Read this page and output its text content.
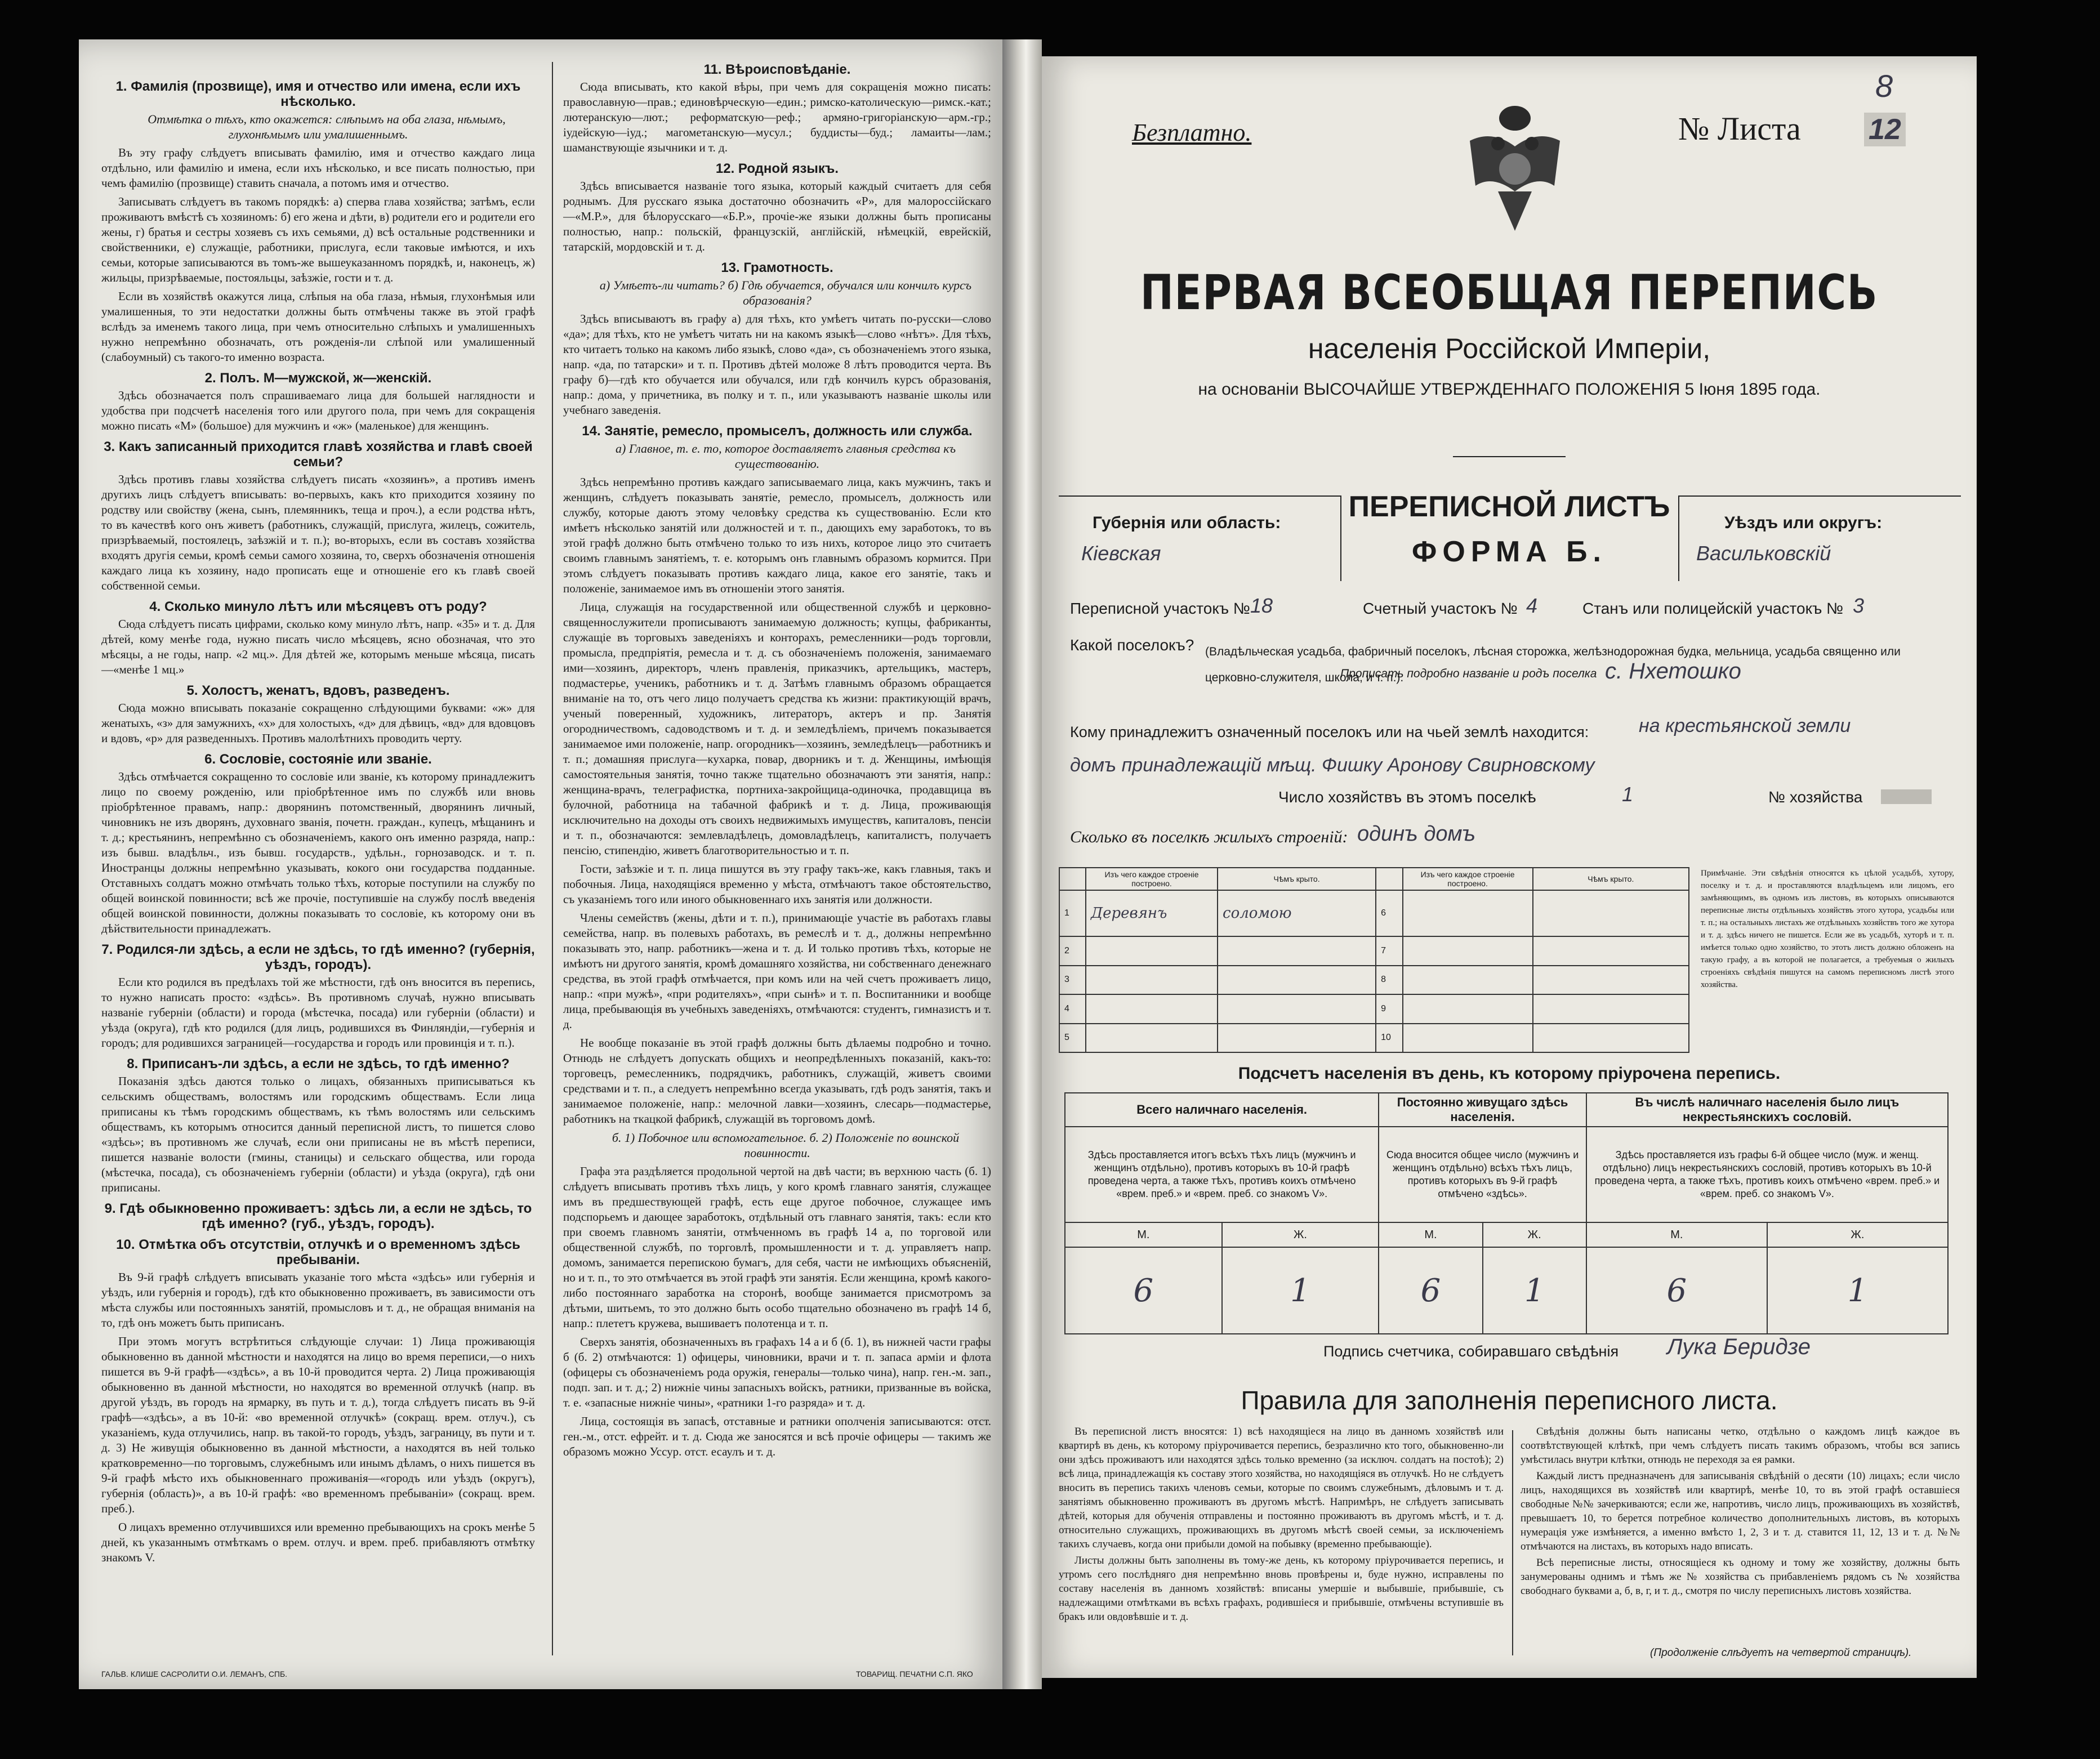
1. Фамилія (прозвище), имя и отчество или имена, если ихъ нѣсколько.

Отмѣтка о тѣхъ, кто окажется: слѣпымъ на оба глаза, нѣмымъ, глухонѣмымъ или умалишеннымъ.

Въ эту графу слѣдуетъ вписывать фамилію, имя и отчество каждаго лица отдѣльно, или фамилію и имена, если ихъ нѣсколько, и все писать полностью, при чемъ фамилію (прозвище) ставить сначала, а потомъ имя и отчество.

Записывать слѣдуетъ въ такомъ порядкѣ: а) сперва глава хозяйства; затѣмъ, если проживаютъ вмѣстѣ съ хозяиномъ: б) его жена и дѣти, в) родители его и родители его жены, г) братья и сестры хозяевъ съ ихъ семьями, д) всѣ остальные родственники и свойственники, е) служащіе, работники, прислуга, если таковые имѣются, и ихъ семьи, которые записываются въ томъ-же вышеуказанномъ порядкѣ, и, наконецъ, ж) жильцы, призрѣваемые, постояльцы, заѣзжіе, гости и т. д.

Если въ хозяйствѣ окажутся лица, слѣпыя на оба глаза, нѣмыя, глухонѣмыя или умалишенныя, то эти недостатки должны быть отмѣчены также въ этой графѣ вслѣдъ за именемъ такого лица, при чемъ относительно слѣпыхъ и умалишенныхъ нужно непремѣнно обозначать, отъ рожденія-ли слѣпой или умалишенный (слабоумный) съ такого-то именно возраста.

2. Полъ. М—мужской, ж—женскій.

Здѣсь обозначается полъ спрашиваемаго лица для большей наглядности и удобства при подсчетѣ населенія того или другого пола, при чемъ для сокращенія можно писать «М» (большое) для мужчинъ и «ж» (маленькое) для женщинъ.

3. Какъ записанный приходится главѣ хозяйства и главѣ своей семьи?

Здѣсь противъ главы хозяйства слѣдуетъ писать «хозяинъ», а противъ именъ другихъ лицъ слѣдуетъ вписывать: во-первыхъ, какъ кто приходится хозяину по родству или свойству (жена, сынъ, племянникъ, теща и проч.), а если родства нѣтъ, то въ качествѣ кого онъ живетъ (работникъ, служащій, прислуга, жилецъ, сожитель, призрѣваемый, постоялецъ, заѣзжій и т. п.); во-вторыхъ, если въ составъ хозяйства входятъ другія семьи, кромѣ семьи самого хозяина, то, сверхъ обозначенія отношенія каждаго лица къ хозяину, надо прописать еще и отношеніе его къ главѣ своей собственной семьи.

4. Сколько минуло лѣтъ или мѣсяцевъ отъ роду?

Сюда слѣдуетъ писать цифрами, сколько кому минуло лѣтъ, напр. «35» и т. д. Для дѣтей, кому менѣе года, нужно писать число мѣсяцевъ, ясно обозначая, что это мѣсяцы, а не годы, напр. «2 мц.». Для дѣтей же, которымъ меньше мѣсяца, писать—«менѣе 1 мц.»

5. Холостъ, женатъ, вдовъ, разведенъ.

Сюда можно вписывать показаніе сокращенно слѣдующими буквами: «ж» для женатыхъ, «з» для замужнихъ, «х» для холостыхъ, «д» для дѣвицъ, «вд» для вдовцовъ и вдовъ, «р» для разведенныхъ. Противъ малолѣтнихъ проводить черту.

6. Сословіе, состояніе или званіе.

Здѣсь отмѣчается сокращенно то сословіе или званіе, къ которому принадлежитъ лицо по своему рожденію, или пріобрѣтенное имъ по службѣ или вновь пріобрѣтенное правамъ, напр.: дворянинъ потомственный, дворянинъ личный, чиновникъ не изъ дворянъ, духовнаго званія, почетн. граждан., купецъ, мѣщанинъ и т. д.; крестьянинъ, непремѣнно съ обозначеніемъ, какого онъ именно разряда, напр.: изъ бывш. владѣльч., изъ бывш. государств., удѣльн., горнозаводск. и т. п. Иностранцы должны непремѣнно указывать, кокого они государства подданные. Отставныхъ солдатъ можно отмѣчать только тѣхъ, которые поступили на службу по общей воинской повинности; всѣ же прочіе, поступившіе на службу послѣ введенія общей воинской повинности, должны показывать то сословіе, къ которому они въ дѣйствительности принадлежатъ.

7. Родился-ли здѣсь, а если не здѣсь, то гдѣ именно? (губернія, уѣздъ, городъ).

Если кто родился въ предѣлахъ той же мѣстности, гдѣ онъ вносится въ перепись, то нужно написать просто: «здѣсь». Въ противномъ случаѣ, нужно вписывать названіе губерніи (области) и города (мѣстечка, посада) или губерніи (области) и уѣзда (округа), гдѣ кто родился (для лицъ, родившихся въ Финляндіи,—губернія и городъ; для родившихся заграницей—государства и городъ или провинція и т. п.).

8. Приписанъ-ли здѣсь, а если не здѣсь, то гдѣ именно?

Показанія здѣсь даются только о лицахъ, обязанныхъ приписываться къ сельскимъ обществамъ, волостямъ или городскимъ обществамъ. Если лица приписаны къ тѣмъ городскимъ обществамъ, къ тѣмъ волостямъ или сельскимъ обществамъ, къ которымъ относится данный переписной листъ, то пишется слово «здѣсь»; въ противномъ же случаѣ, если они приписаны не въ мѣстѣ переписи, пишется названіе волости (гмины, станицы) и сельскаго общества, или города (мѣстечка, посада), съ обозначеніемъ губерніи (области) и уѣзда (округа), гдѣ они приписаны.

9. Гдѣ обыкновенно проживаетъ: здѣсь ли, а если не здѣсь, то гдѣ именно? (губ., уѣздъ, городъ).
10. Отмѣтка объ отсутствіи, отлучкѣ и о временномъ здѣсь пребываніи.

Въ 9-й графѣ слѣдуетъ вписывать указаніе того мѣста «здѣсь» или губернія и уѣздъ, или губернія и городъ), гдѣ кто обыкновенно проживаетъ, въ зависимости отъ мѣста службы или постоянныхъ занятій, промысловъ и т. д., не обращая вниманія на то, гдѣ онъ можетъ быть приписанъ.

При этомъ могутъ встрѣтиться слѣдующіе случаи: 1) Лица проживающія обыкновенно въ данной мѣстности и находятся на лицо во время переписи,—о нихъ пишется въ 9-й графѣ—«здѣсь», а въ 10-й проводится черта. 2) Лица проживающія обыкновенно въ данной мѣстности, но находятся во временной отлучкѣ (напр. въ другой уѣздъ, въ городъ на ярмарку, въ путь и т. д.), тогда слѣдуетъ писать въ 9-й графѣ—«здѣсь», а въ 10-й: «во временной отлучкѣ» (сокращ. врем. отлуч.), съ указаніемъ, куда отлучились, напр. въ такой-то городъ, уѣздъ, заграницу, въ пути и т. д. 3) Не живущія обыкновенно въ данной мѣстности, а находятся въ ней только кратковременно—по торговымъ, служебнымъ или инымъ дѣламъ, о нихъ пишется въ 9-й графѣ мѣсто ихъ обыкновеннаго проживанія—«городъ или уѣздъ (округъ), губернія (область)», а въ 10-й графѣ: «во временномъ пребываніи» (сокращ. врем. преб.).

О лицахъ временно отлучившихся или временно пребывающихъ на срокъ менѣе 5 дней, къ указаннымъ отмѣткамъ о врем. отлуч. и врем. преб. прибавляютъ отмѣтку знакомъ V.

11. Вѣроисповѣданіе.

Сюда вписывать, кто какой вѣры, при чемъ для сокращенія можно писать: православную—прав.; единовѣрческую—един.; римско-католическую—римск.-кат.; лютеранскую—лют.; реформатскую—реф.; армяно-григоріанскую—арм.-гр.; іудейскую—іуд.; магометанскую—мусул.; буддисты—буд.; ламаиты—лам.; шаманствующіе язычники и т. д.

12. Родной языкъ.

Здѣсь вписывается названіе того языка, который каждый считаетъ для себя роднымъ. Для русскаго языка достаточно обозначить «Р», для малороссійскаго—«М.Р.», для бѣлорусскаго—«Б.Р.», прочіе-же языки должны быть прописаны полностью, напр.: польскій, французскій, англійскій, нѣмецкій, еврейскій, татарскій, мордовскій и т. д.

13. Грамотность.

а) Умѣетъ-ли читать? б) Гдѣ обучается, обучался или кончилъ курсъ образованія?

Здѣсь вписываютъ въ графу а) для тѣхъ, кто умѣетъ читать по-русски—слово «да»; для тѣхъ, кто не умѣетъ читать ни на какомъ языкѣ—слово «нѣтъ». Для тѣхъ, кто читаетъ только на какомъ либо языкѣ, слово «да», съ обозначеніемъ этого языка, напр. «да, по татарски» и т. п. Противъ дѣтей моложе 8 лѣтъ проводится черта. Въ графу б)—гдѣ кто обучается или обучался, или гдѣ кончилъ курсъ образованія, напр.: дома, у причетника, въ полку и т. п., или указываютъ названіе школы или учебнаго заведенія.

14. Занятіе, ремесло, промыселъ, должность или служба.

а) Главное, т. е. то, которое доставляетъ главныя средства къ существованію.

Здѣсь непремѣнно противъ каждаго записываемаго лица, какъ мужчинъ, такъ и женщинъ, слѣдуетъ показывать занятіе, ремесло, промыселъ, должность или службу, которые даютъ этому человѣку средства къ существованію. Если кто имѣетъ нѣсколько занятій или должностей и т. п., дающихъ ему заработокъ, то въ этой графѣ должно быть отмѣчено только то изъ нихъ, которое лицо это считаетъ своимъ главнымъ занятіемъ, т. е. которымъ онъ главнымъ образомъ кормится. При этомъ слѣдуетъ показывать противъ каждаго лица, какое его занятіе, такъ и положеніе, занимаемое имъ въ отношеніи этого занятія.

Лица, служащія на государственной или общественной службѣ и церковно-священнослужители прописываютъ занимаемую должность; купцы, фабриканты, служащіе въ торговыхъ заведеніяхъ и конторахъ, ремесленники—родъ торговли, промысла, предпріятія, ремесла и т. д. съ обозначеніемъ положенія, занимаемаго ими—хозяинъ, директоръ, членъ правленія, приказчикъ, артельщикъ, мастеръ, подмастерье, ученикъ, работникъ и т. д. Затѣмъ главнымъ образомъ обращается вниманіе на то, отъ чего лицо получаетъ средства къ жизни: практикующій врачъ, ученый поверенный, художникъ, литераторъ, актеръ и пр. Занятія огородничествомъ, садоводствомъ и т. д. и земледѣліемъ, причемъ показывается занимаемое ими положеніе, напр. огородникъ—хозяинъ, земледѣлецъ—работникъ и т. п.; домашняя прислуга—кухарка, повар, дворникъ и т. д. Женщины, имѣющія самостоятельныя занятія, точно также тщательно обозначаютъ эти занятія, напр.: женщина-врачъ, телеграфистка, портниха-закройщица-одиночка, продавщица въ булочной, работница на табачной фабрикѣ и т. д. Лица, проживающія исключительно на доходы отъ своихъ недвижимыхъ имуществъ, капиталовъ, пенсіи и т. п., обозначаются: землевладѣлецъ, домовладѣлецъ, капиталистъ, получаетъ пенсію, стипендію, живетъ благотворительностью и т. п.

Гости, заѣзжіе и т. п. лица пишутся въ эту графу такъ-же, какъ главныя, такъ и побочныя. Лица, находящіяся временно у мѣста, отмѣчаютъ такое обстоятельство, съ указаніемъ того или иного обыкновеннаго ихъ занятія или должности.

Члены семействъ (жены, дѣти и т. п.), принимающіе участіе въ работахъ главы семейства, напр. въ полевыхъ работахъ, въ ремеслѣ и т. д., должны непремѣнно показывать это, напр. работникъ—жена и т. д. И только противъ тѣхъ, которые не имѣютъ ни другого занятія, кромѣ домашняго хозяйства, ни собственнаго денежнаго средства, въ этой графѣ отмѣчается, при комъ или на чей счетъ проживаетъ лицо, напр.: «при мужѣ», «при родителяхъ», «при сынѣ» и т. п. Воспитанники и вообще лица, пребывающія въ учебныхъ заведеніяхъ, отмѣчаются: студентъ, гимназистъ и т. д.

Не вообще показаніе въ этой графѣ должны быть дѣлаемы подробно и точно. Отнюдь не слѣдуетъ допускать общихъ и неопредѣленныхъ показаній, какъ-то: торговецъ, ремесленникъ, подрядчикъ, работникъ, служащій, живетъ своими средствами и т. п., а следуетъ непремѣнно всегда указывать, гдѣ родъ занятія, такъ и занимаемое положеніе, напр.: мелочной лавки—хозяинъ, слесарь—подмастерье, работникъ на ткацкой фабрикѣ, служащій въ торговомъ домѣ.

б. 1) Побочное или вспомогательное. б. 2) Положеніе по воинской повинности.

Графа эта раздѣляется продольной чертой на двѣ части; въ верхнюю часть (б. 1) слѣдуетъ вписывать противъ тѣхъ лицъ, у кого кромѣ главнаго занятія, служащее имъ въ предшествующей графѣ, есть еще другое побочное, служащее имъ подспорьемъ и дающее заработокъ, отдѣльный отъ главнаго занятія, такъ: если кто при своемъ главномъ занятіи, отмѣченномъ въ графѣ 14 а, по торговой или общественной службѣ, по торговлѣ, промышленности и т. д. управляетъ напр. домомъ, занимается перепискою бумагъ, для себя, части не имѣющихъ объясненій, но и т. п., то это отмѣчается въ этой графѣ эти занятія. Если женщина, кромѣ какого-либо постояннаго заработка на сторонѣ, вообще занимается присмотромъ за дѣтьми, шитьемъ, то это должно быть особо тщательно обозначено въ графѣ 14 б, напр.: плететъ кружева, вышиваетъ полотенца и т. п.

Сверхъ занятія, обозначенныхъ въ графахъ 14 а и б (б. 1), въ нижней части графы б (б. 2) отмѣчаются: 1) офицеры, чиновники, врачи и т. п. запаса арміи и флота (офицеры съ обозначеніемъ рода оружія, генералы—только чина), напр. ген.-м. зап., подп. зап. и т. д.; 2) нижніе чины запасныхъ войскъ, ратники, призванные въ войска, т. е. «запасные нижніе чины», «ратники 1-го разряда» и т. д.

Лица, состоящія въ запасѣ, отставные и ратники ополченія записываются: отст. ген.-м., отст. ефрейт. и т. д. Сюда же заносятся и всѣ прочіе офицеры — такимъ же образомъ можно Уссур. отст. есаулъ и т. д.

ГАЛЬВ. КЛИШЕ САСРОЛИТИ О.И. ЛЕМАНЪ, СПБ.	ТОВАРИЩ. ПЕЧАТНИ С.П. ЯКО
Безплатно.	№ Листа 12
8
ПЕРВАЯ ВСЕОБЩАЯ ПЕРЕПИСЬ
населенія Россійской Имперіи,
на основаніи ВЫСОЧАЙШЕ УТВЕРЖДЕННАГО ПОЛОЖЕНІЯ 5 Іюня 1895 года.
Губернія или область:
Кіевская
ПЕРЕПИСНОЙ ЛИСТЪ
ФОРМА Б.
Уѣздъ или округъ:
Васильковскій
Переписной участокъ № 18	Счетный участокъ № 4	Станъ или полицейскій участокъ № 3
Какой поселокъ? (Владѣльческая усадьба, фабричный поселокъ, лѣсная сторожка, желѣзнодорожная будка, мельница, усадьба священно или церковно-служителя, школа, и т. п.).
Прописать подробно названіе и родъ поселка с. Нхетошко
Кому принадлежитъ означенный поселокъ или на чьей землѣ находится:	на крестьянской земли
домъ принадлежащій мѣщ. Фишку Аронову Свирновскому
Число хозяйствъ въ этомъ поселкѣ	1	№ хозяйства
Сколько въ поселкѣ жилыхъ строеній: одинъ домъ
	Изъ чего каждое строеніе построено.	Чѣмъ крыто.		Изъ чего каждое строеніе построено.	Чѣмъ крыто.
1	Деревянъ	соломою	6		
2			7		
3			8		
4			9		
5			10		
Примѣчаніе. Эти свѣдѣнія относятся къ цѣлой усадьбѣ, хутору, поселку и т. д. и проставляются владѣльцемъ или лицомъ, его замѣняющимъ, въ одномъ изъ листовъ, въ которыхъ описываются переписные листы отдѣльныхъ хозяйствъ этого хутора, усадьбы или т. п.; на остальныхъ листахъ же отдѣльныхъ хозяйствъ того же хутора и т. д. здѣсь ничего не пишется. Если же въ усадьбѣ, хуторѣ и т. п. имѣется только одно хозяйство, то этотъ листъ должно обложенъ на такую графу, а въ которой не полагается, а требуемыя о жилыхъ строеніяхъ свѣдѣнія пишутся на самомъ переписномъ листѣ этого хозяйства.
Подсчетъ населенія въ день, къ которому пріурочена перепись.
Всего наличнаго населенія.		Постоянно живущаго здѣсь населенія.		Въ числѣ наличнаго населенія было лицъ некрестьянскихъ сословій.	
Здѣсь проставляется итогъ всѣхъ тѣхъ лицъ (мужчинъ и женщинъ отдѣльно), противъ которыхъ въ 10-й графѣ проведена черта, а также тѣхъ, противъ коихъ отмѣчено «врем. преб.» и «врем. преб. со знакомъ V».		Сюда вносится общее число (мужчинъ и женщинъ отдѣльно) всѣхъ тѣхъ лицъ, противъ которыхъ въ 9-й графѣ отмѣчено «здѣсь».		Здѣсь проставляется изъ графы 6-й общее число (муж. и женщ. отдѣльно) лицъ некрестьянскихъ сословій, противъ которыхъ въ 10-й проведена черта, а также тѣхъ, противъ коихъ отмѣчено «врем. преб.» и «врем. преб. со знакомъ V».	
М.	Ж.	М.	Ж.	М.	Ж.
6	1	6	1	6	1
Подпись счетчика, собиравшаго свѣдѣнія Лука Беридзе
Правила для заполненія переписного листа.

Въ переписной листъ вносятся: 1) всѣ находящіеся на лицо въ данномъ хозяйствѣ или квартирѣ въ день, къ которому пріурочивается перепись, безразлично кто того, обыкновенно-ли они здѣсь проживаютъ или находятся здѣсь только временно (за исключ. солдатъ на постоѣ); 2) всѣ лица, принадлежащія къ составу этого хозяйства, но находящіяся въ отлучкѣ. Но не слѣдуетъ вносить въ перепись такихъ членовъ семьи, которые по своимъ служебнымъ, дѣловымъ и т. д. занятіямъ обыкновенно проживаютъ въ другомъ мѣстѣ. Напримѣръ, не слѣдуетъ записывать дѣтей, которыя для обученія отправлены и постоянно проживаютъ въ другомъ мѣстѣ, и т. д. относительно служащихъ, проживающихъ въ другомъ мѣстѣ своей семьи, за исключеніемъ такихъ случаевъ, когда они прибыли домой на побывку (временно пребывающіе).

Листы должны быть заполнены въ тому-же день, къ которому пріурочивается перепись, и утромъ сего послѣдняго дня непремѣнно вновь провѣрены и, буде нужно, исправлены по составу населенія въ данномъ хозяйствѣ: вписаны умершіе и выбывшіе, прибывшіе, съ надлежащими отмѣтками въ всѣхъ графахъ, родившіеся и прибывшіе, отмѣчены вступившіе въ бракъ или овдовѣвшіе и т. д.

Свѣдѣнія должны быть написаны четко, отдѣльно о каждомъ лицѣ каждое въ соотвѣтствующей клѣткѣ, при чемъ слѣдуетъ писать такимъ образомъ, чтобы вся запись умѣстилась внутри клѣтки, отнюдь не переходя за ея рамки.

Каждый листъ предназначенъ для записыванія свѣдѣній о десяти (10) лицахъ; если число лицъ, находящихся въ хозяйствѣ или квартирѣ, менѣе 10, то въ этой графѣ оставшіеся свободные №№ зачеркиваются; если же, напротивъ, число лицъ, проживающихъ въ хозяйствѣ, превышаетъ 10, то берется потребное количество дополнительныхъ листовъ, въ которыхъ нумерація уже измѣняется, а именно вмѣсто 1, 2, 3 и т. д. ставится 11, 12, 13 и т. д. №№ отмѣчаются на листахъ, въ которыхъ надо вписать.

Всѣ переписные листы, относящіеся къ одному и тому же хозяйству, должны быть занумерованы однимъ и тѣмъ же № хозяйства съ прибавленіемъ рядомъ съ № хозяйства свободнаго буквами а, б, в, г, и т. д., смотря по числу переписныхъ листовъ хозяйства.

(Продолженіе слѣдуетъ на четвертой страницѣ).
